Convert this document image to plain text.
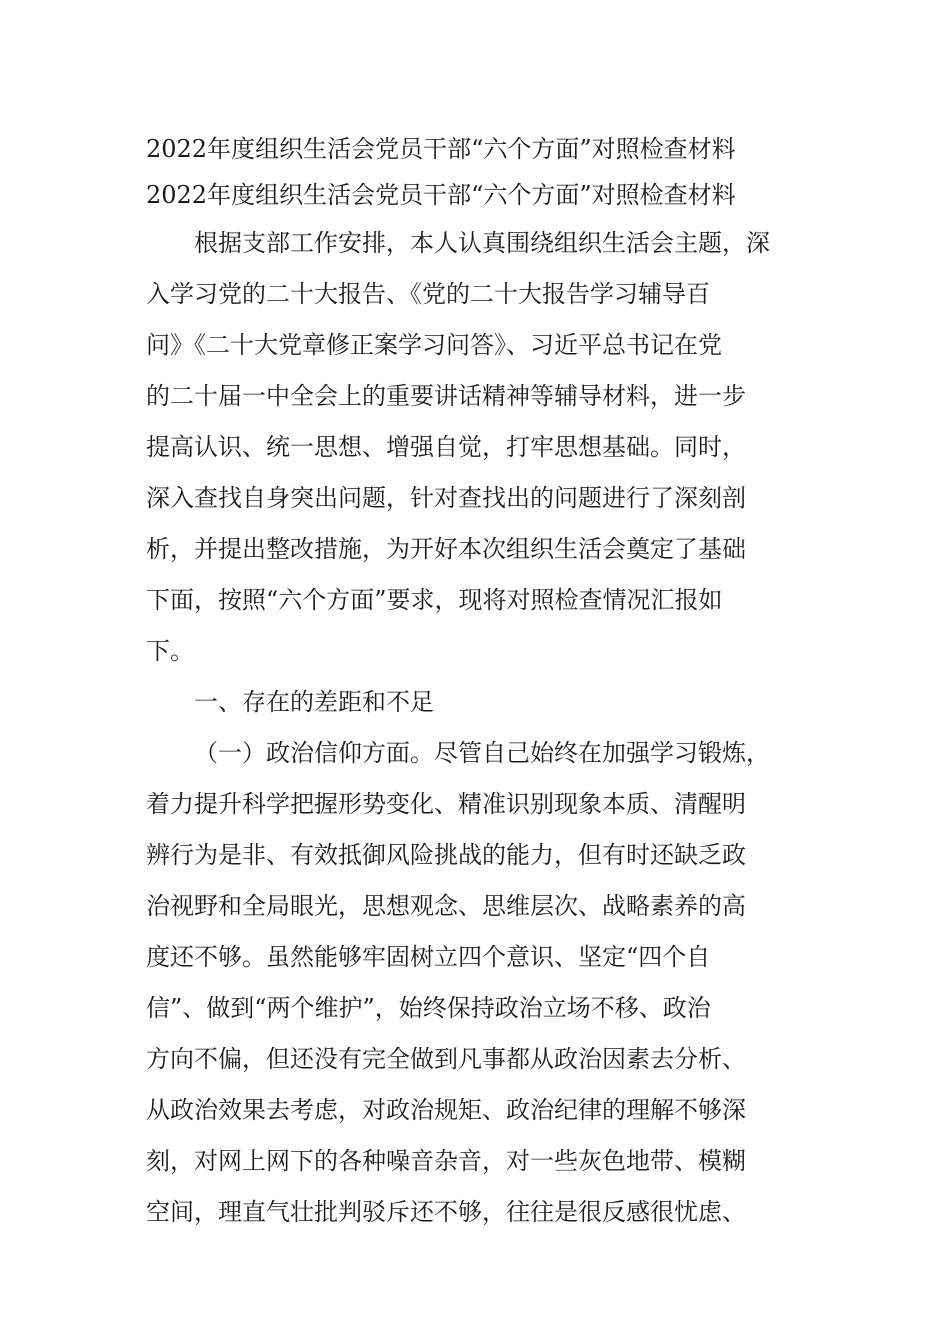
2022年度组织生活会党员干部“六个方面”对照检查材料
2022年度组织生活会党员干部“六个方面”对照检查材料
根据支部工作安排，本人认真围绕组织生活会主题，深
入学习党的二十大报告、《党的二十大报告学习辅导百
问》《二十大党章修正案学习问答》、习近平总书记在党
的二十届一中全会上的重要讲话精神等辅导材料，进一步
提高认识、统一思想、增强自觉，打牢思想基础。同时，
深入查找自身突出问题，针对查找出的问题进行了深刻剖
析，并提出整改措施，为开好本次组织生活会奠定了基础
下面，按照“六个方面”要求，现将对照检查情况汇报如
下。
一、存在的差距和不足
（一）政治信仰方面。尽管自己始终在加强学习锻炼，
着力提升科学把握形势变化、精准识别现象本质、清醒明
辨行为是非、有效抵御风险挑战的能力，但有时还缺乏政
治视野和全局眼光，思想观念、思维层次、战略素养的高
度还不够。虽然能够牢固树立四个意识、坚定“四个自
信”、做到“两个维护”，始终保持政治立场不移、政治
方向不偏，但还没有完全做到凡事都从政治因素去分析、
从政治效果去考虑，对政治规矩、政治纪律的理解不够深
刻，对网上网下的各种噪音杂音，对一些灰色地带、模糊
空间，理直气壮批判驳斥还不够，往往是很反感很忧虑、
